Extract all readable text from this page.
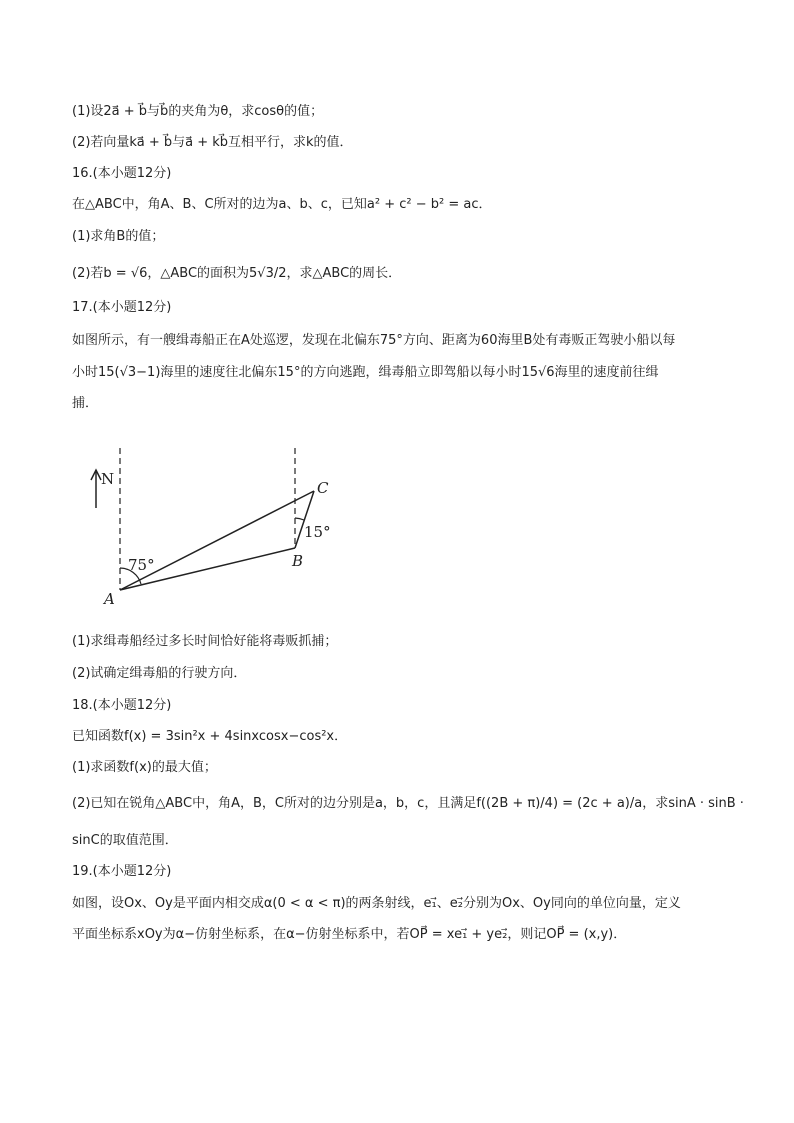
(1)设2a⃗ + b⃗与b⃗的夹角为θ，求cosθ的值；
(2)若向量ka⃗ + b⃗与a⃗ + kb⃗互相平行，求k的值．
16.(本小题12分)
在△ABC中，角A、B、C所对的边为a、b、c，已知a² + c² − b² = ac．
(1)求角B的值；
(2)若b = √6，△ABC的面积为5√3/2，求△ABC的周长．
17.(本小题12分)
如图所示，有一艘缉毒船正在A处巡逻，发现在北偏东75°方向、距离为60海里B处有毒贩正驾驶小船以每
小时15(√3−1)海里的速度往北偏东15°的方向逃跑，缉毒船立即驾船以每小时15√6海里的速度前往缉
捕．
N
A
B
C
75°
15°
(1)求缉毒船经过多长时间恰好能将毒贩抓捕；
(2)试确定缉毒船的行驶方向．
18.(本小题12分)
已知函数f(x) = 3sin²x + 4sinxcosx−cos²x．
(1)求函数f(x)的最大值；
(2)已知在锐角△ABC中，角A，B，C所对的边分别是a，b，c，且满足f((2B + π)/4) = (2c + a)/a，求sinA · sinB ·
sinC的取值范围．
19.(本小题12分)
如图，设Ox、Oy是平面内相交成α(0 < α < π)的两条射线，e₁⃗、e₂⃗分别为Ox、Oy同向的单位向量，定义
平面坐标系xOy为α−仿射坐标系，在α−仿射坐标系中，若OP⃗ = xe₁⃗ + ye₂⃗，则记OP⃗ = (x,y)．
